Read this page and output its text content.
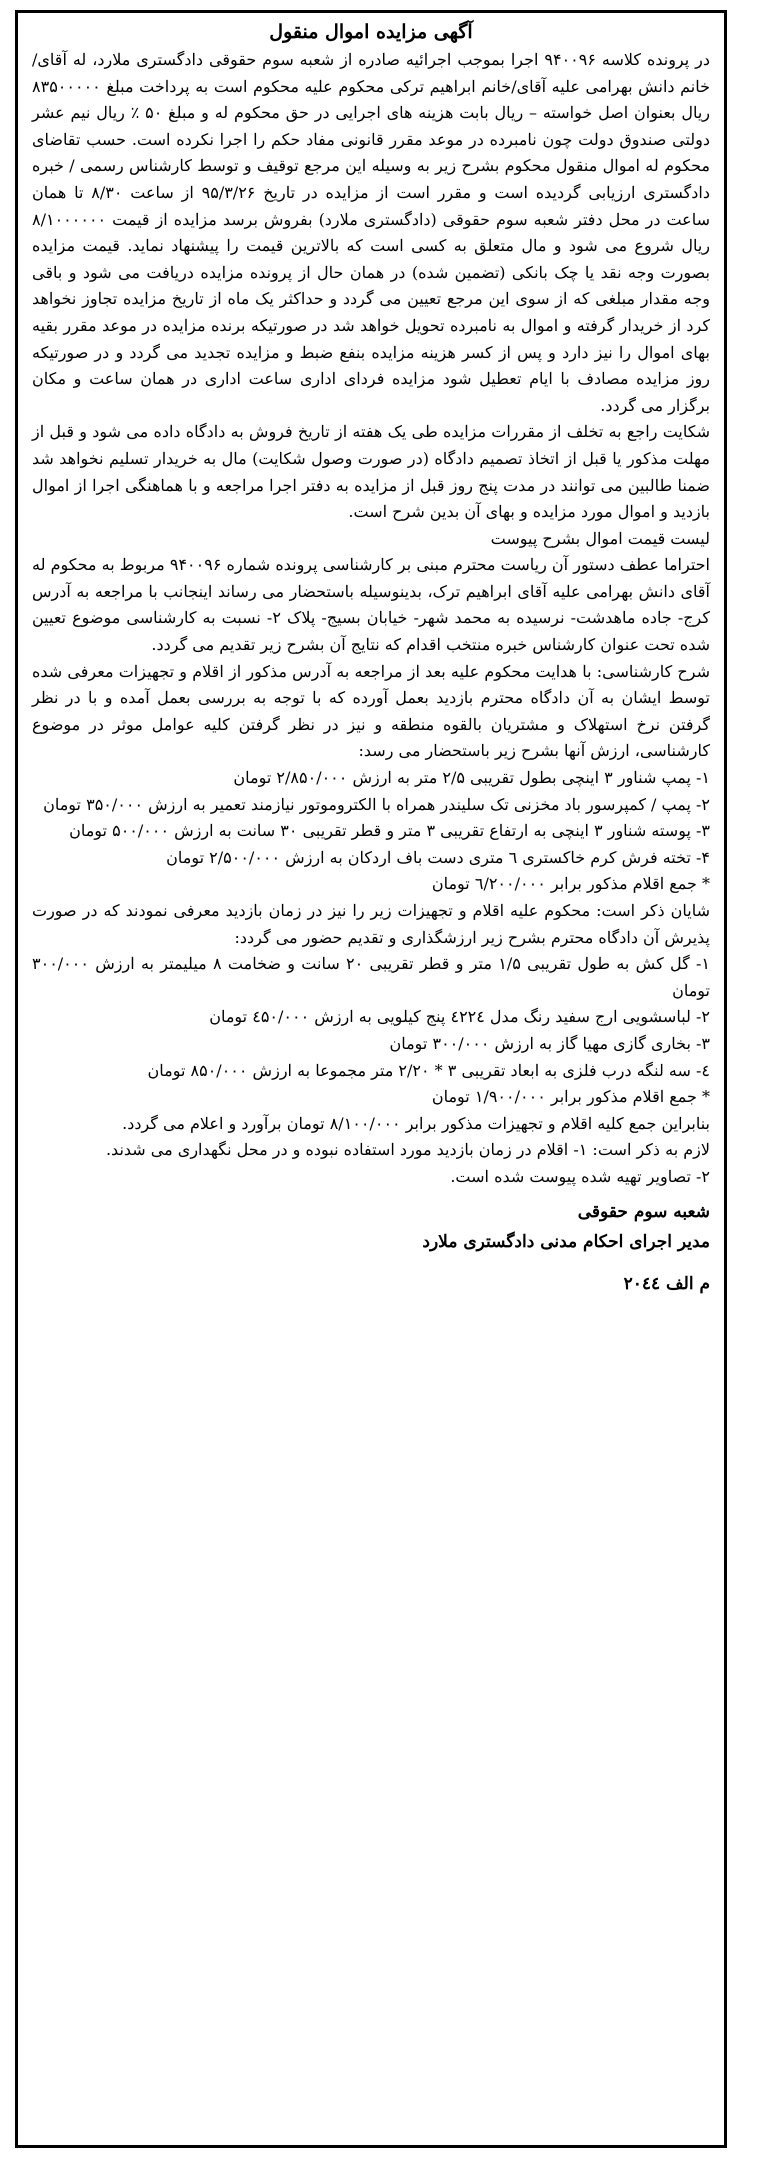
آگهی مزایده اموال منقول

در پرونده کلاسه ۹۴۰۰۹۶ اجرا بموجب اجرائیه صادره از شعبه سوم حقوقی دادگستری ملارد، له آقای/خانم دانش بهرامی علیه آقای/خانم ابراهیم ترکی محکوم علیه محکوم است به پرداخت مبلغ ۸۳۵۰۰۰۰۰ ریال بعنوان اصل خواسته – ریال بابت هزینه های اجرایی در حق محکوم له و مبلغ ۵۰ ٪ ریال نیم عشر دولتی صندوق دولت چون نامبرده در موعد مقرر قانونی مفاد حکم را اجرا نکرده است. حسب تقاضای محکوم له اموال منقول محکوم بشرح زیر به وسیله این مرجع توقیف و توسط کارشناس رسمی / خبره دادگستری ارزیابی گردیده است و مقرر است از مزایده در تاریخ ۹۵/۳/۲۶ از ساعت ۸/۳۰ تا همان ساعت در محل دفتر شعبه سوم حقوقی (دادگستری ملارد) بفروش برسد مزایده از قیمت ۸/۱۰۰۰۰۰۰ ریال شروع می شود و مال متعلق به کسی است که بالاترین قیمت را پیشنهاد نماید. قیمت مزایده بصورت وجه نقد یا چک بانکی (تضمین شده) در همان حال از پرونده مزایده دریافت می شود و باقی وجه مقدار مبلغی که از سوی این مرجع تعیین می گردد و حداکثر یک ماه از تاریخ مزایده تجاوز نخواهد کرد از خریدار گرفته و اموال به نامبرده تحویل خواهد شد در صورتیکه برنده مزایده در موعد مقرر بقیه بهای اموال را نیز دارد و پس از کسر هزینه مزایده بنفع ضبط و مزایده تجدید می گردد و در صورتیکه روز مزایده مصادف با ایام تعطیل شود مزایده فردای اداری ساعت اداری در همان ساعت و مکان برگزار می گردد.

شکایت راجع به تخلف از مقررات مزایده طی یک هفته از تاریخ فروش به دادگاه داده می شود و قبل از مهلت مذکور یا قبل از اتخاذ تصمیم دادگاه (در صورت وصول شکایت) مال به خریدار تسلیم نخواهد شد ضمنا طالبین می توانند در مدت پنج روز قبل از مزایده به دفتر اجرا مراجعه و با هماهنگی اجرا از اموال بازدید و اموال مورد مزایده و بهای آن بدین شرح است.

لیست قیمت اموال بشرح پیوست

احتراما عطف دستور آن ریاست محترم مبنی بر کارشناسی پرونده شماره ۹۴۰۰۹۶ مربوط به محکوم له آقای دانش بهرامی علیه آقای ابراهیم ترک، بدینوسیله باستحضار می رساند اینجانب با مراجعه به آدرس کرج- جاده ماهدشت- نرسیده به محمد شهر- خیابان بسیج- پلاک ۲- نسبت به کارشناسی موضوع تعیین شده تحت عنوان کارشناس خبره منتخب اقدام که نتایج آن بشرح زیر تقدیم می گردد.

شرح کارشناسی: با هدایت محکوم علیه بعد از مراجعه به آدرس مذکور از اقلام و تجهیزات معرفی شده توسط ایشان به آن دادگاه محترم بازدید بعمل آورده که با توجه به بررسی بعمل آمده و با در نظر گرفتن نرخ استهلاک و مشتریان بالقوه منطقه و نیز در نظر گرفتن کلیه عوامل موثر در موضوع کارشناسی، ارزش آنها بشرح زیر باستحضار می رسد:

۱- پمپ شناور ۳ اینچی بطول تقریبی ۲/۵ متر به ارزش ۲/۸۵۰/۰۰۰ تومان

۲- پمپ / کمپرسور باد مخزنی تک سلیندر همراه با الکتروموتور نیازمند تعمیر به ارزش ۳۵۰/۰۰۰ تومان

۳- پوسته شناور ۳ اینچی به ارتفاع تقریبی ۳ متر و قطر تقریبی ۳۰ سانت به ارزش ۵۰۰/۰۰۰ تومان

۴- تخته فرش کرم خاکستری ٦ متری دست باف اردکان به ارزش ۲/۵۰۰/۰۰۰ تومان

* جمع اقلام مذکور برابر ٦/۲۰۰/۰۰۰ تومان

شایان ذکر است: محکوم علیه اقلام و تجهیزات زیر را نیز در زمان بازدید معرفی نمودند که در صورت پذیرش آن دادگاه محترم بشرح زیر ارزشگذاری و تقدیم حضور می گردد:

۱- گل کش به طول تقریبی ۱/۵ متر و قطر تقریبی ۲۰ سانت و ضخامت ۸ میلیمتر به ارزش ۳۰۰/۰۰۰ تومان

۲- لباسشویی ارج سفید رنگ مدل ٤۲۲٤ پنج کیلویی به ارزش ٤۵۰/۰۰۰ تومان

۳- بخاری گازی مهیا گاز به ارزش ۳۰۰/۰۰۰ تومان

٤- سه لنگه درب فلزی به ابعاد تقریبی ۳ * ۲/۲۰ متر مجموعا به ارزش ۸۵۰/۰۰۰ تومان

* جمع اقلام مذکور برابر ۱/۹۰۰/۰۰۰ تومان

بنابراین جمع کلیه اقلام و تجهیزات مذکور برابر ۸/۱۰۰/۰۰۰ تومان برآورد و اعلام می گردد.

لازم به ذکر است: ۱- اقلام در زمان بازدید مورد استفاده نبوده و در محل نگهداری می شدند.

۲- تصاویر تهیه شده پیوست شده است.

شعبه سوم حقوقی

مدیر اجرای احکام مدنی دادگستری ملارد

م الف ۲۰٤٤
